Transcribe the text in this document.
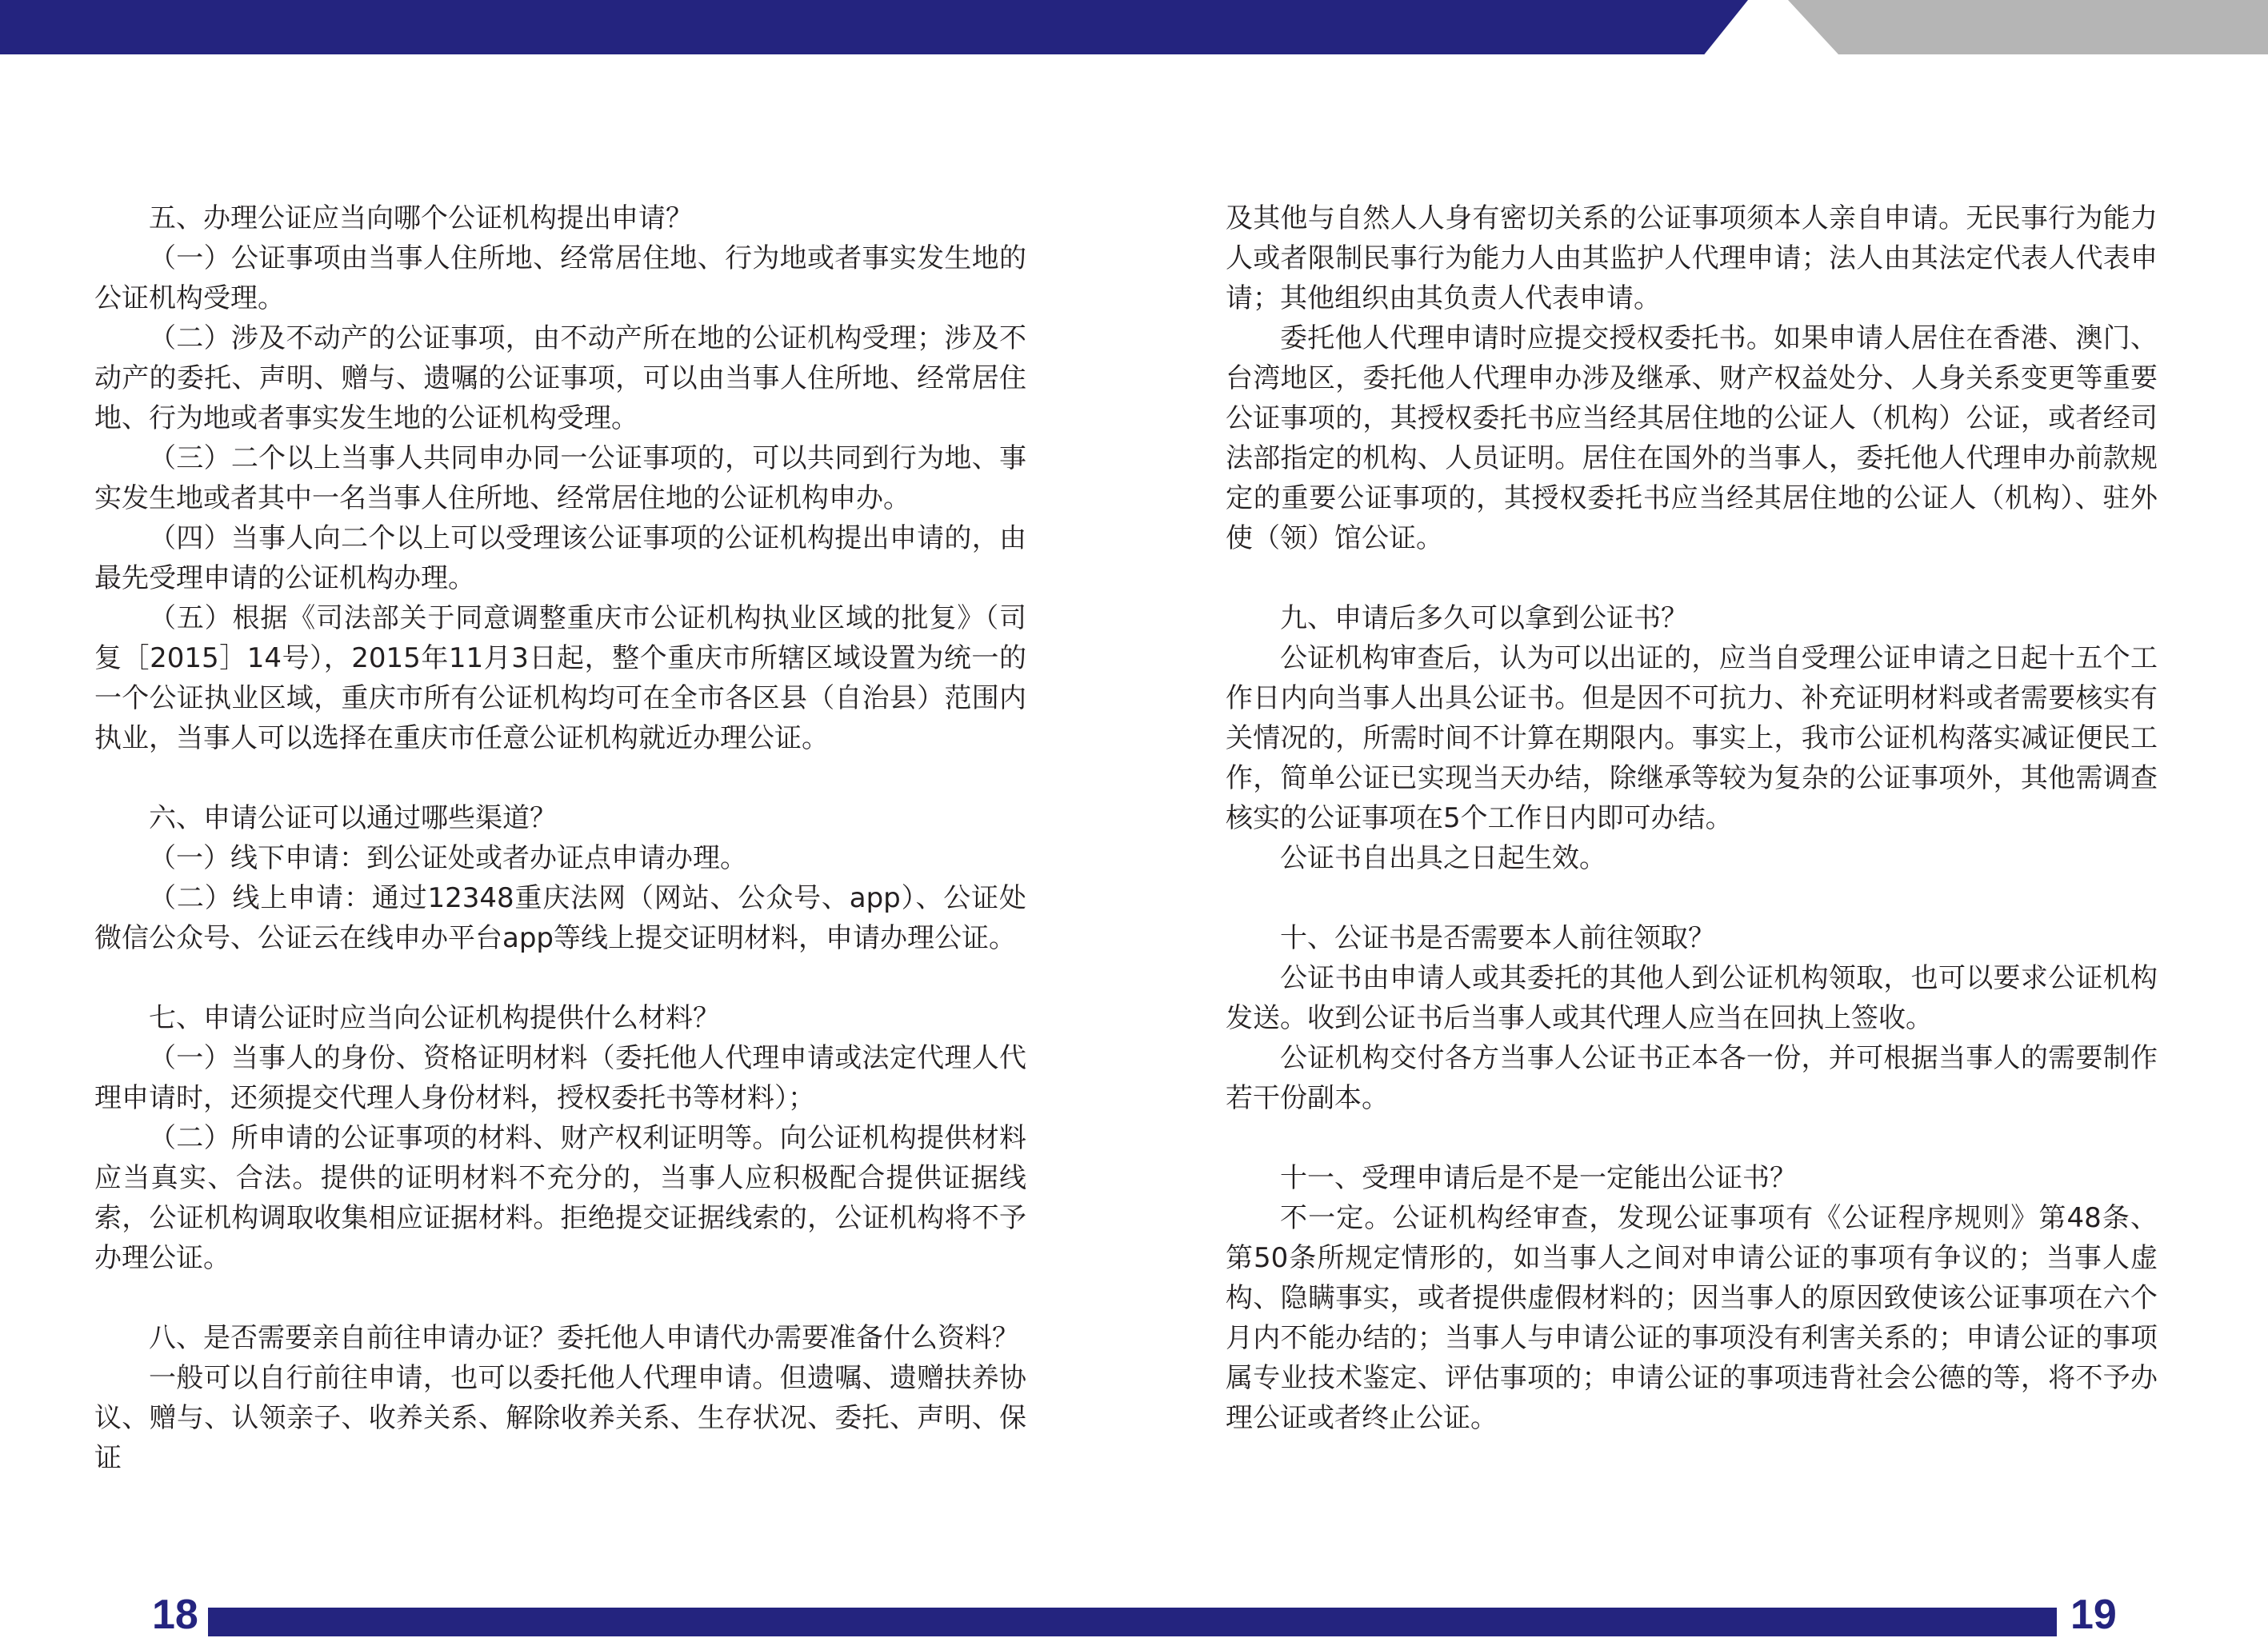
五、办理公证应当向哪个公证机构提出申请？
（一）公证事项由当事人住所地、经常居住地、行为地或者事实发生地的公证机构受理。
（二）涉及不动产的公证事项，由不动产所在地的公证机构受理；涉及不动产的委托、声明、赠与、遗嘱的公证事项，可以由当事人住所地、经常居住地、行为地或者事实发生地的公证机构受理。
（三）二个以上当事人共同申办同一公证事项的，可以共同到行为地、事实发生地或者其中一名当事人住所地、经常居住地的公证机构申办。
（四）当事人向二个以上可以受理该公证事项的公证机构提出申请的，由最先受理申请的公证机构办理。
（五）根据《司法部关于同意调整重庆市公证机构执业区域的批复》（司复［2015］14号），2015年11月3日起，整个重庆市所辖区域设置为统一的一个公证执业区域，重庆市所有公证机构均可在全市各区县（自治县）范围内执业，当事人可以选择在重庆市任意公证机构就近办理公证。
六、申请公证可以通过哪些渠道？
（一）线下申请：到公证处或者办证点申请办理。
（二）线上申请：通过12348重庆法网（网站、公众号、app）、公证处微信公众号、公证云在线申办平台app等线上提交证明材料，申请办理公证。
七、申请公证时应当向公证机构提供什么材料？
（一）当事人的身份、资格证明材料（委托他人代理申请或法定代理人代理申请时，还须提交代理人身份材料，授权委托书等材料）；
（二）所申请的公证事项的材料、财产权利证明等。向公证机构提供材料应当真实、合法。提供的证明材料不充分的，当事人应积极配合提供证据线索，公证机构调取收集相应证据材料。拒绝提交证据线索的，公证机构将不予办理公证。
八、是否需要亲自前往申请办证？委托他人申请代办需要准备什么资料？
一般可以自行前往申请，也可以委托他人代理申请。但遗嘱、遗赠扶养协议、赠与、认领亲子、收养关系、解除收养关系、生存状况、委托、声明、保证
及其他与自然人人身有密切关系的公证事项须本人亲自申请。无民事行为能力人或者限制民事行为能力人由其监护人代理申请；法人由其法定代表人代表申请；其他组织由其负责人代表申请。
委托他人代理申请时应提交授权委托书。如果申请人居住在香港、澳门、台湾地区，委托他人代理申办涉及继承、财产权益处分、人身关系变更等重要公证事项的，其授权委托书应当经其居住地的公证人（机构）公证，或者经司法部指定的机构、人员证明。居住在国外的当事人，委托他人代理申办前款规定的重要公证事项的，其授权委托书应当经其居住地的公证人（机构）、驻外使（领）馆公证。
九、申请后多久可以拿到公证书？
公证机构审查后，认为可以出证的，应当自受理公证申请之日起十五个工作日内向当事人出具公证书。但是因不可抗力、补充证明材料或者需要核实有关情况的，所需时间不计算在期限内。事实上，我市公证机构落实减证便民工作，简单公证已实现当天办结，除继承等较为复杂的公证事项外，其他需调查核实的公证事项在5个工作日内即可办结。
公证书自出具之日起生效。
十、公证书是否需要本人前往领取？
公证书由申请人或其委托的其他人到公证机构领取，也可以要求公证机构发送。收到公证书后当事人或其代理人应当在回执上签收。
公证机构交付各方当事人公证书正本各一份，并可根据当事人的需要制作若干份副本。
十一、受理申请后是不是一定能出公证书？
不一定。公证机构经审查，发现公证事项有《公证程序规则》第48条、第50条所规定情形的，如当事人之间对申请公证的事项有争议的；当事人虚构、隐瞒事实，或者提供虚假材料的；因当事人的原因致使该公证事项在六个月内不能办结的；当事人与申请公证的事项没有利害关系的；申请公证的事项属专业技术鉴定、评估事项的；申请公证的事项违背社会公德的等，将不予办理公证或者终止公证。
18	19
